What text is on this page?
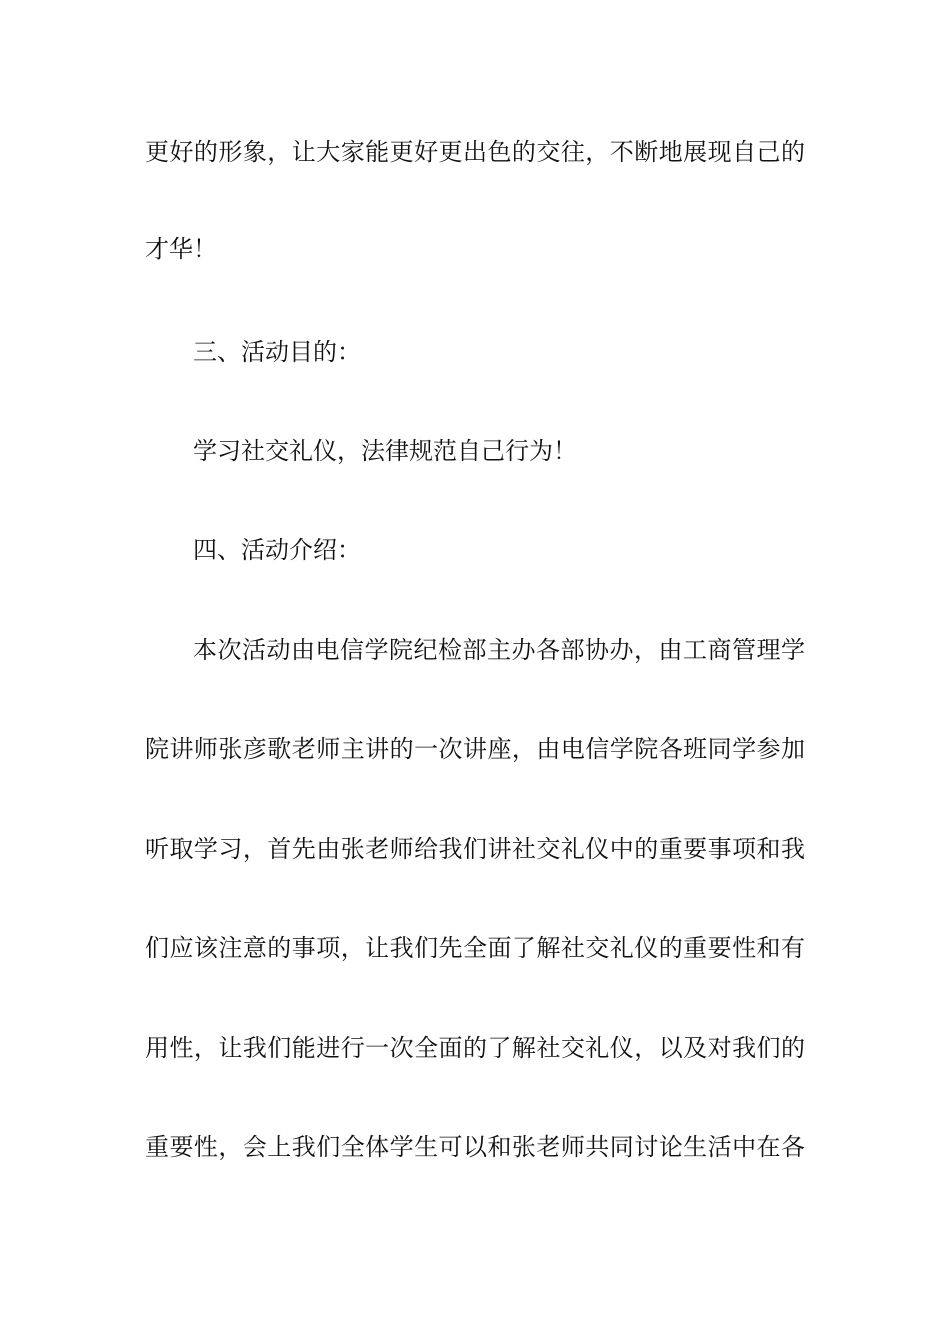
更好的形象，让大家能更好更出色的交往，不断地展现自己的
才华！
三、活动目的：
学习社交礼仪，法律规范自己行为！
四、活动介绍：
本次活动由电信学院纪检部主办各部协办，由工商管理学
院讲师张彦歌老师主讲的一次讲座，由电信学院各班同学参加
听取学习，首先由张老师给我们讲社交礼仪中的重要事项和我
们应该注意的事项，让我们先全面了解社交礼仪的重要性和有
用性，让我们能进行一次全面的了解社交礼仪，以及对我们的
重要性，会上我们全体学生可以和张老师共同讨论生活中在各
